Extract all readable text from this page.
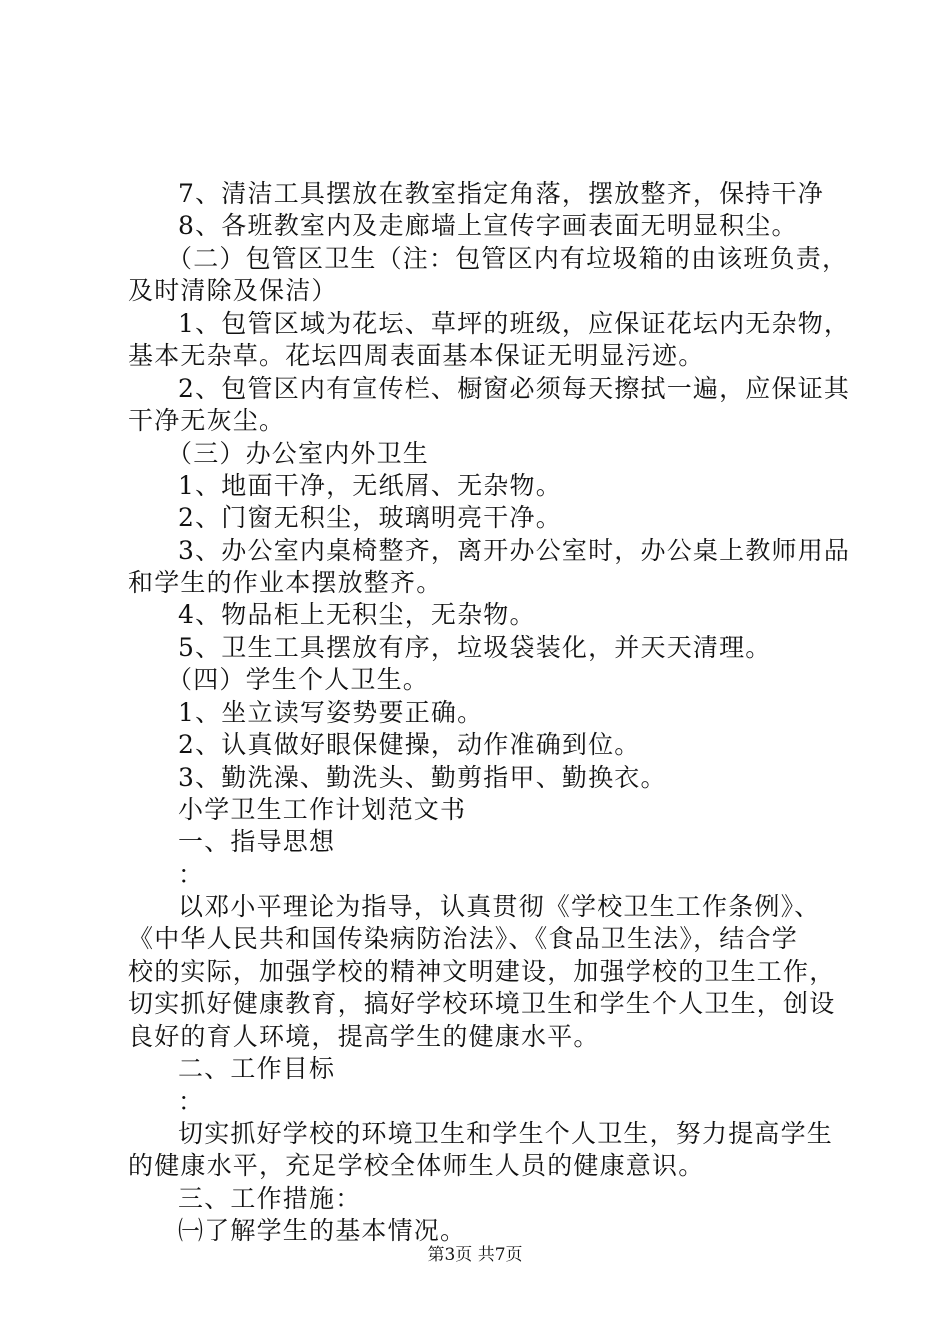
7、清洁工具摆放在教室指定角落，摆放整齐，保持干净
8、各班教室内及走廊墙上宣传字画表面无明显积尘。
（二）包管区卫生（注：包管区内有垃圾箱的由该班负责，
及时清除及保洁）
1、包管区域为花坛、草坪的班级，应保证花坛内无杂物，
基本无杂草。花坛四周表面基本保证无明显污迹。
2、包管区内有宣传栏、橱窗必须每天擦拭一遍，应保证其
干净无灰尘。
（三）办公室内外卫生
1、地面干净，无纸屑、无杂物。
2、门窗无积尘，玻璃明亮干净。
3、办公室内桌椅整齐，离开办公室时，办公桌上教师用品
和学生的作业本摆放整齐。
4、物品柜上无积尘，无杂物。
5、卫生工具摆放有序，垃圾袋装化，并天天清理。
（四）学生个人卫生。
1、坐立读写姿势要正确。
2、认真做好眼保健操，动作准确到位。
3、勤洗澡、勤洗头、勤剪指甲、勤换衣。
小学卫生工作计划范文书
一、指导思想
：
以邓小平理论为指导，认真贯彻《学校卫生工作条例》、
《中华人民共和国传染病防治法》、《食品卫生法》，结合学
校的实际，加强学校的精神文明建设，加强学校的卫生工作，
切实抓好健康教育，搞好学校环境卫生和学生个人卫生，创设
良好的育人环境，提高学生的健康水平。
二、工作目标
：
切实抓好学校的环境卫生和学生个人卫生，努力提高学生
的健康水平，充足学校全体师生人员的健康意识。
三、工作措施：
㈠了解学生的基本情况。
第3页 共7页
